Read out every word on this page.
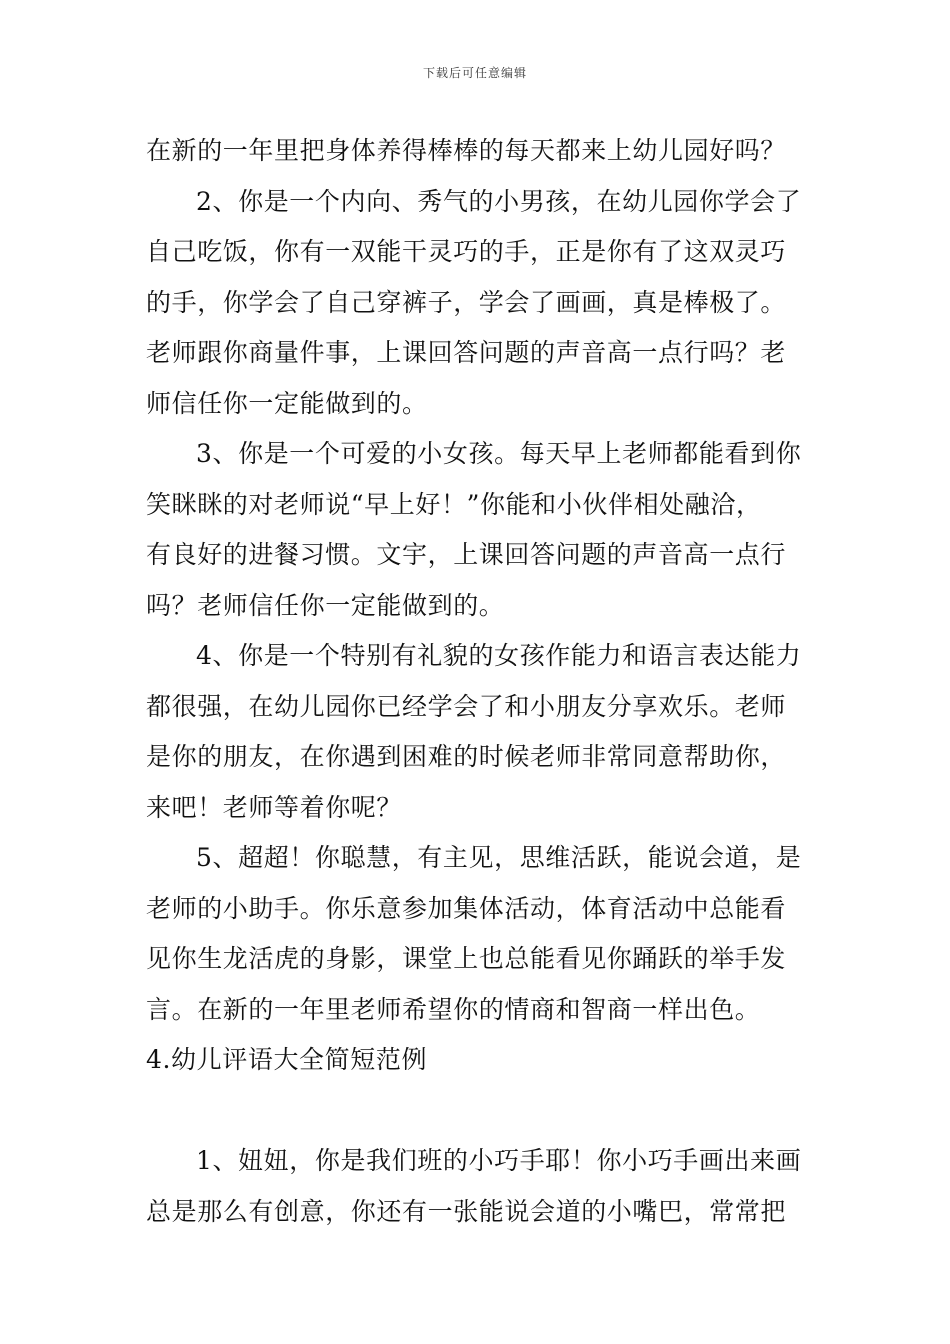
下载后可任意编辑
在新的一年里把身体养得棒棒的每天都来上幼儿园好吗？
2、你是一个内向、秀气的小男孩，在幼儿园你学会了
自己吃饭，你有一双能干灵巧的手，正是你有了这双灵巧
的手，你学会了自己穿裤子，学会了画画，真是棒极了。
老师跟你商量件事，上课回答问题的声音高一点行吗？老
师信任你一定能做到的。
3、你是一个可爱的小女孩。每天早上老师都能看到你
笑眯眯的对老师说“早上好！”你能和小伙伴相处融洽，
有良好的进餐习惯。文宇，上课回答问题的声音高一点行
吗？老师信任你一定能做到的。
4、你是一个特别有礼貌的女孩作能力和语言表达能力
都很强，在幼儿园你已经学会了和小朋友分享欢乐。老师
是你的朋友，在你遇到困难的时候老师非常同意帮助你，
来吧！老师等着你呢？
5、超超！你聪慧，有主见，思维活跃，能说会道，是
老师的小助手。你乐意参加集体活动，体育活动中总能看
见你生龙活虎的身影，课堂上也总能看见你踊跃的举手发
言。在新的一年里老师希望你的情商和智商一样出色。
4.幼儿评语大全简短范例
1、妞妞，你是我们班的小巧手耶！你小巧手画出来画
总是那么有创意，你还有一张能说会道的小嘴巴，常常把
